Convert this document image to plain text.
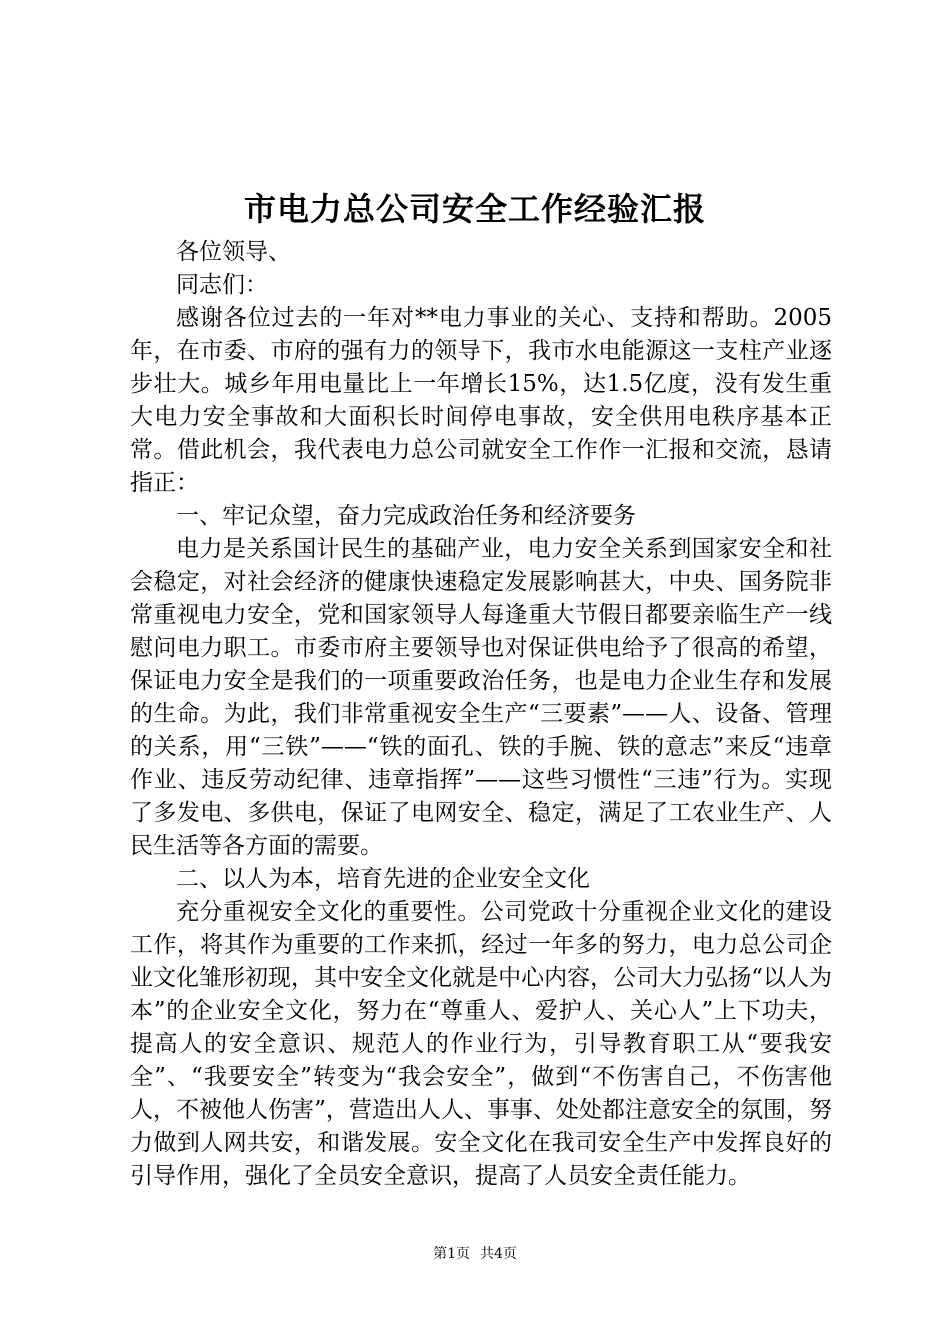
市电力总公司安全工作经验汇报

各位领导、

同志们：

感谢各位过去的一年对**电力事业的关心、支持和帮助。2005年，在市委、市府的强有力的领导下，我市水电能源这一支柱产业逐步壮大。城乡年用电量比上一年增长15%，达1.5亿度，没有发生重大电力安全事故和大面积长时间停电事故，安全供用电秩序基本正常。借此机会，我代表电力总公司就安全工作作一汇报和交流，恳请指正：

一、牢记众望，奋力完成政治任务和经济要务

电力是关系国计民生的基础产业，电力安全关系到国家安全和社会稳定，对社会经济的健康快速稳定发展影响甚大，中央、国务院非常重视电力安全，党和国家领导人每逢重大节假日都要亲临生产一线慰问电力职工。市委市府主要领导也对保证供电给予了很高的希望，保证电力安全是我们的一项重要政治任务，也是电力企业生存和发展的生命。为此，我们非常重视安全生产“三要素”——人、设备、管理的关系，用“三铁”——“铁的面孔、铁的手腕、铁的意志”来反“违章作业、违反劳动纪律、违章指挥”——这些习惯性“三违”行为。实现了多发电、多供电，保证了电网安全、稳定，满足了工农业生产、人民生活等各方面的需要。

二、以人为本，培育先进的企业安全文化

充分重视安全文化的重要性。公司党政十分重视企业文化的建设工作，将其作为重要的工作来抓，经过一年多的努力，电力总公司企业文化雏形初现，其中安全文化就是中心内容，公司大力弘扬“以人为本”的企业安全文化，努力在“尊重人、爱护人、关心人”上下功夫，提高人的安全意识、规范人的作业行为，引导教育职工从“要我安全”、“我要安全”转变为“我会安全”，做到“不伤害自己，不伤害他人，不被他人伤害”，营造出人人、事事、处处都注意安全的氛围，努力做到人网共安，和谐发展。安全文化在我司安全生产中发挥良好的引导作用，强化了全员安全意识，提高了人员安全责任能力。

第1页 共4页
